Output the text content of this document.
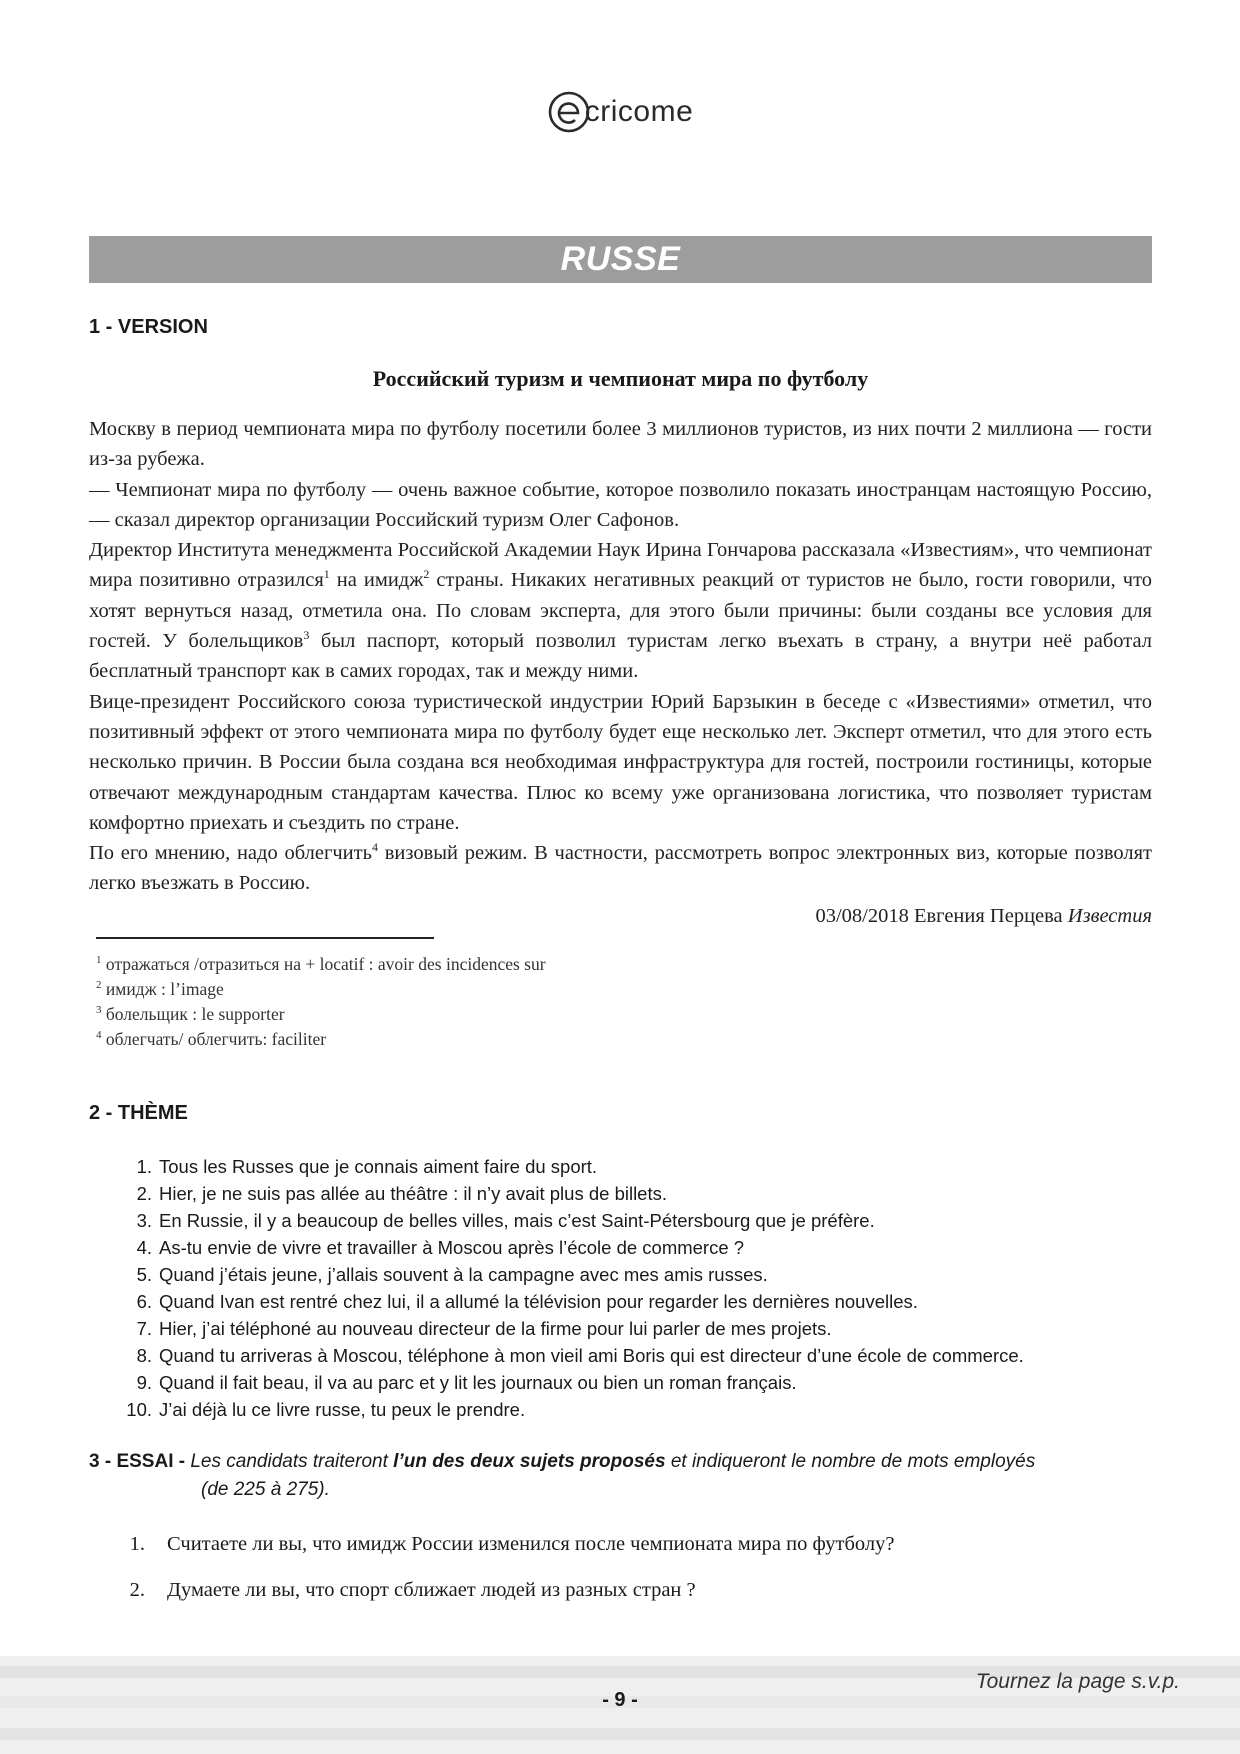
cricome
RUSSE
1 - VERSION
Российский туризм и чемпионат мира по футболу

Москву в период чемпионата мира по футболу посетили более 3 миллионов туристов, из них почти 2 миллиона — гости из-за рубежа.

— Чемпионат мира по футболу — очень важное событие, которое позволило показать иностранцам настоящую Россию, — сказал директор организации Российский туризм Олег Сафонов.

Директор Института менеджмента Российской Академии Наук Ирина Гончарова рассказала «Известиям», что чемпионат мира позитивно отразился$^1$ на имидж$^2$ страны. Никаких негативных реакций от туристов не было, гости говорили, что хотят вернуться назад, отметила она. По словам эксперта, для этого были причины: были созданы все условия для гостей. У болельщиков$^3$ был паспорт, который позволил туристам легко въехать в страну, а внутри неё работал бесплатный транспорт как в самих городах, так и между ними.

Вице-президент Российского союза туристической индустрии Юрий Барзыкин в беседе с «Известиями» отметил, что позитивный эффект от этого чемпионата мира по футболу будет еще несколько лет. Эксперт отметил, что для этого есть несколько причин. В России была создана вся необходимая инфраструктура для гостей, построили гостиницы, которые отвечают международным стандартам качества. Плюс ко всему уже организована логистика, что позволяет туристам комфортно приехать и съездить по стране.

По его мнению, надо облегчить$^4$ визовый режим. В частности, рассмотреть вопрос электронных виз, которые позволят легко въезжать в Россию.

03/08/2018 Евгения Перцева Известия

$^1$ отражаться /отразиться на + locatif : avoir des incidences sur
$^2$ имидж : l’image
$^3$ болельщик : le supporter
$^4$ облегчать/ облегчить: faciliter
2 - THÈME
1. Tous les Russes que je connais aiment faire du sport.
2. Hier, je ne suis pas allée au théâtre : il n’y avait plus de billets.
3. En Russie, il y a beaucoup de belles villes, mais c’est Saint-Pétersbourg que je préfère.
4. As-tu envie de vivre et travailler à Moscou après l’école de commerce ?
5. Quand j’étais jeune, j’allais souvent à la campagne avec mes amis russes.
6. Quand Ivan est rentré chez lui, il a allumé la télévision pour regarder les dernières nouvelles.
7. Hier, j’ai téléphoné au nouveau directeur de la firme pour lui parler de mes projets.
8. Quand tu arriveras à Moscou, téléphone à mon vieil ami Boris qui est directeur d’une école de commerce.
9. Quand il fait beau, il va au parc et y lit les journaux ou bien un roman français.
10. J’ai déjà lu ce livre russe, tu peux le prendre.
3 - ESSAI - Les candidats traiteront l’un des deux sujets proposés et indiqueront le nombre de mots employés
(de 225 à 275).
1.	Считаете ли вы, что имидж России изменился после чемпионата мира по футболу?
2.	Думаете ли вы, что спорт сближает людей из разных стран ?
Tournez la page s.v.p.
- 9 -
